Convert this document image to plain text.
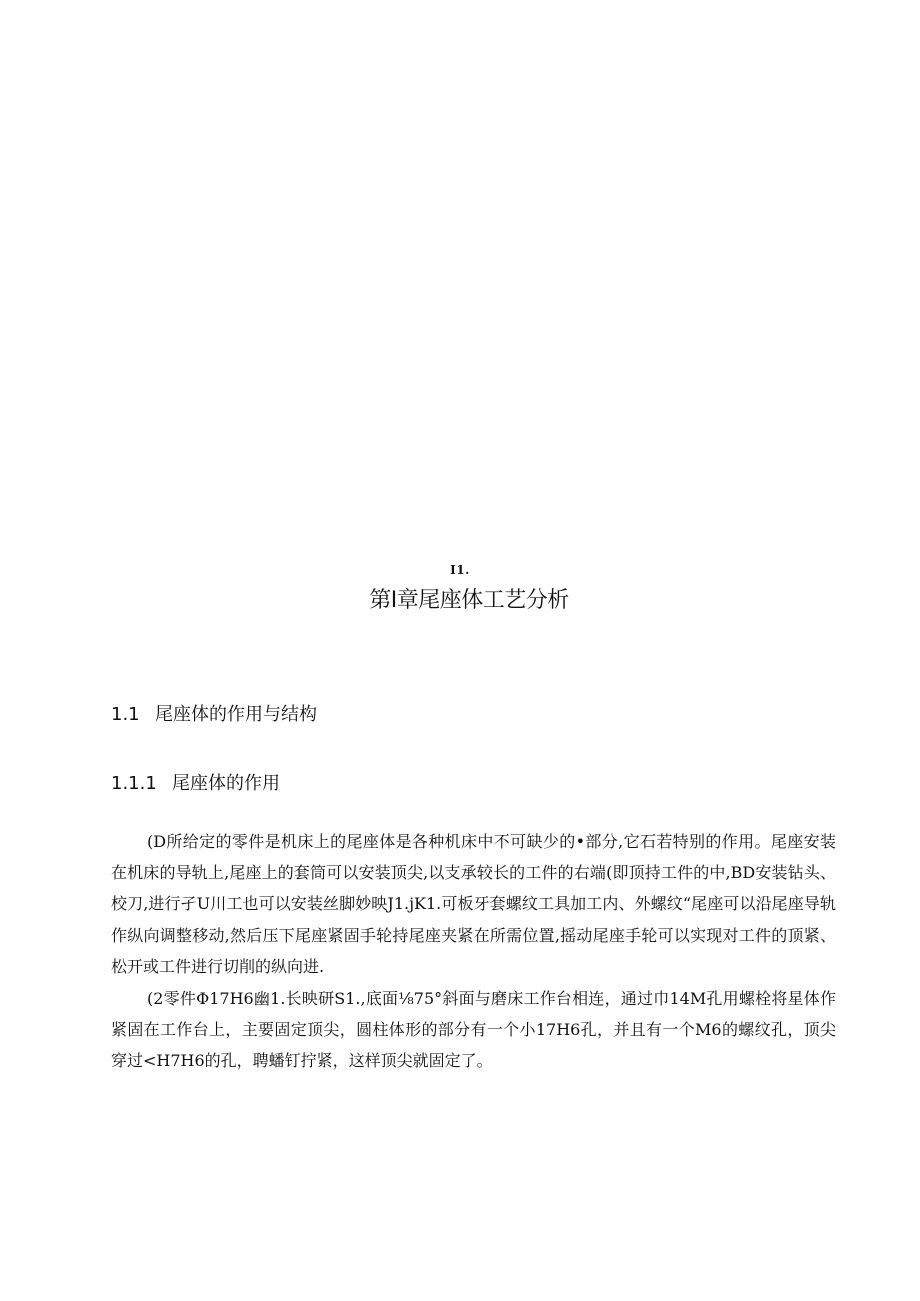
I1.
第I章尾座体工艺分析
1.1 尾座体的作用与结构
1.1.1 尾座体的作用

(D所给定的零件是机床上的尾座体是各种机床中不可缺少的•部分,它石若特别的作用。尾座安装在机床的导轨上,尾座上的套筒可以安装顶尖,以支承较长的工件的右端(即顶持工件的中,BD安装钻头、校刀,进行孑U川工也可以安装丝脚妙映J1.jK1.可板牙套螺纹工具加工内、外螺纹“尾座可以沿尾座导轨作纵向调整移动,然后压下尾座紧固手轮持尾座夹紧在所需位置,摇动尾座手轮可以实现对工件的顶紧、松开或工件进行切削的纵向进.

(2零件Φ17H6幽1.长映研S1.,底面⅛75°斜面与磨床工作台相连，通过巾14M孔用螺栓将星体作紧固在工作台上，主要固定顶尖，圆柱体形的部分有一个小17H6孔，并且有一个M6的螺纹孔，顶尖穿过<H7H6的孔，聘蟠钉拧紧，这样顶尖就固定了。
